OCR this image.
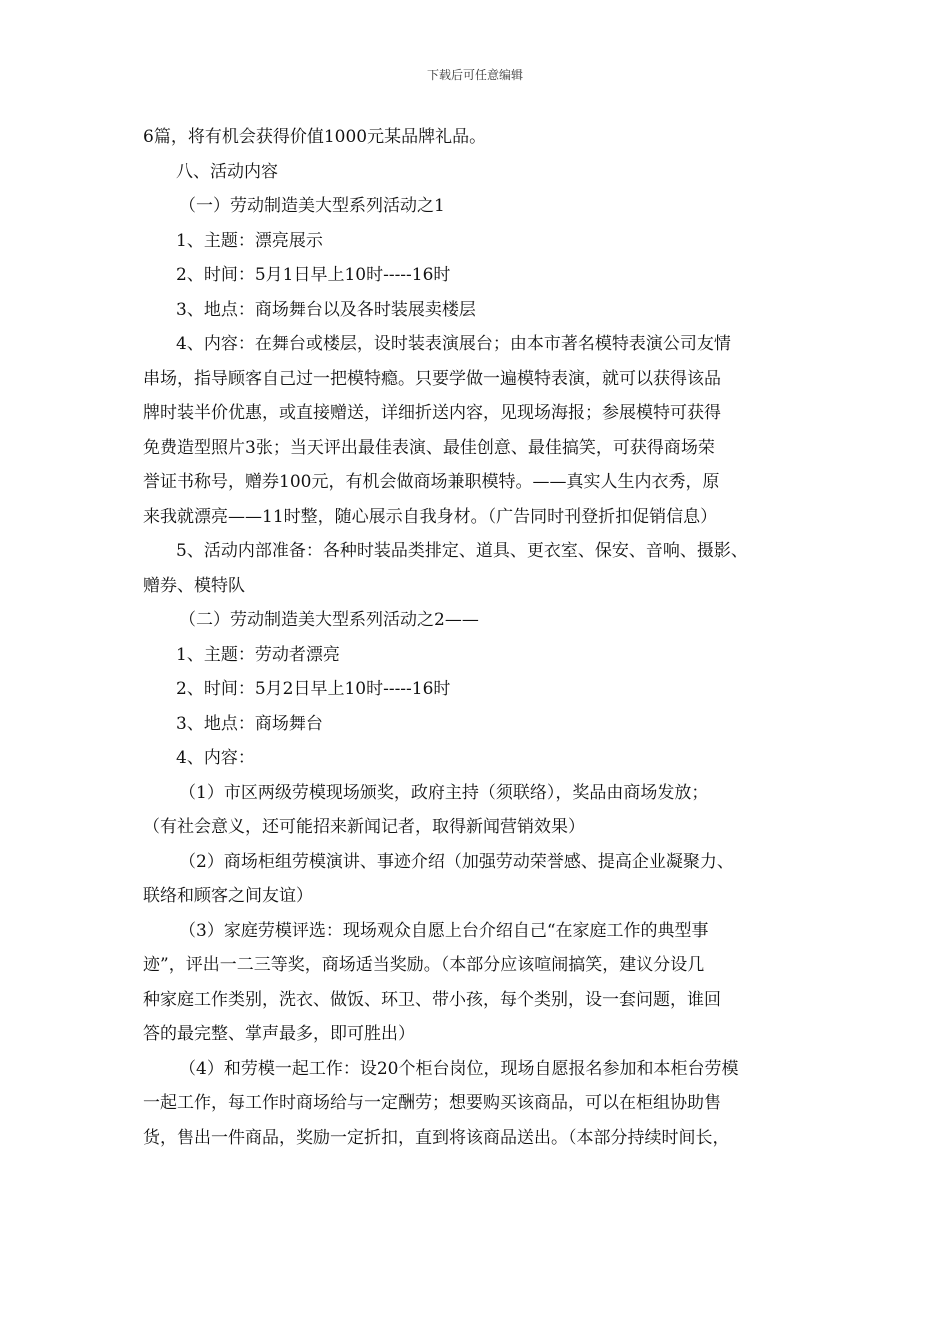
下载后可任意编辑
6篇，将有机会获得价值1000元某品牌礼品。
八、活动内容
（一）劳动制造美大型系列活动之1
1、主题：漂亮展示
2、时间：5月1日早上10时-----16时
3、地点：商场舞台以及各时装展卖楼层
4、内容：在舞台或楼层，设时装表演展台；由本市著名模特表演公司友情
串场，指导顾客自己过一把模特瘾。只要学做一遍模特表演，就可以获得该品
牌时装半价优惠，或直接赠送，详细折送内容，见现场海报；参展模特可获得
免费造型照片3张；当天评出最佳表演、最佳创意、最佳搞笑，可获得商场荣
誉证书称号，赠券100元，有机会做商场兼职模特。——真实人生内衣秀，原
来我就漂亮——11时整，随心展示自我身材。（广告同时刊登折扣促销信息）
5、活动内部准备：各种时装品类排定、道具、更衣室、保安、音响、摄影、
赠券、模特队
（二）劳动制造美大型系列活动之2——
1、主题：劳动者漂亮
2、时间：5月2日早上10时-----16时
3、地点：商场舞台
4、内容：
（1）市区两级劳模现场颁奖，政府主持（须联络），奖品由商场发放；
（有社会意义，还可能招来新闻记者，取得新闻营销效果）
（2）商场柜组劳模演讲、事迹介绍（加强劳动荣誉感、提高企业凝聚力、
联络和顾客之间友谊）
（3）家庭劳模评选：现场观众自愿上台介绍自己“在家庭工作的典型事
迹”，评出一二三等奖，商场适当奖励。（本部分应该喧闹搞笑，建议分设几
种家庭工作类别，洗衣、做饭、环卫、带小孩，每个类别，设一套问题，谁回
答的最完整、掌声最多，即可胜出）
（4）和劳模一起工作：设20个柜台岗位，现场自愿报名参加和本柜台劳模
一起工作，每工作时商场给与一定酬劳；想要购买该商品，可以在柜组协助售
货，售出一件商品，奖励一定折扣，直到将该商品送出。（本部分持续时间长，
